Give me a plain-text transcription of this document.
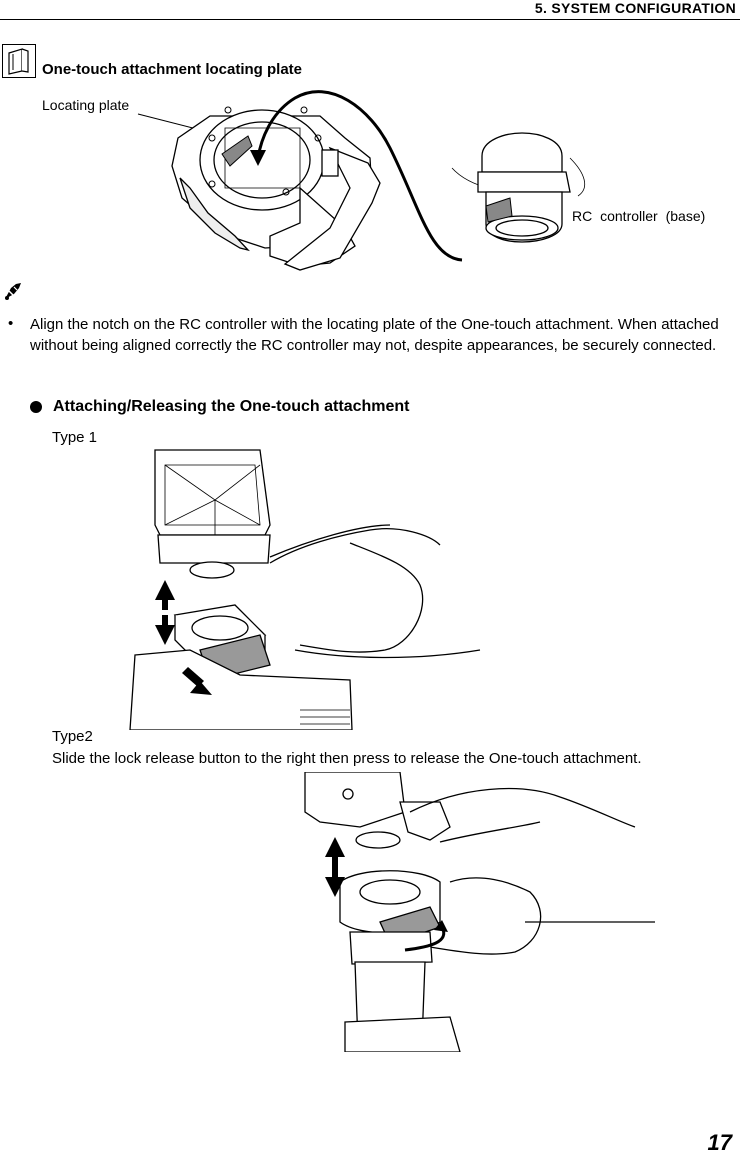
5. SYSTEM CONFIGURATION
One-touch attachment locating plate
Locating plate
RC controller (base)
• Align the notch on the RC controller with the locating plate of the One-touch attachment. When attached without being aligned correctly the RC controller may not, despite appearances, be securely connected.
Attaching/Releasing the One-touch attachment
Type 1
Type2
Slide the lock release button to the right then press to release the One-touch attachment.
17
